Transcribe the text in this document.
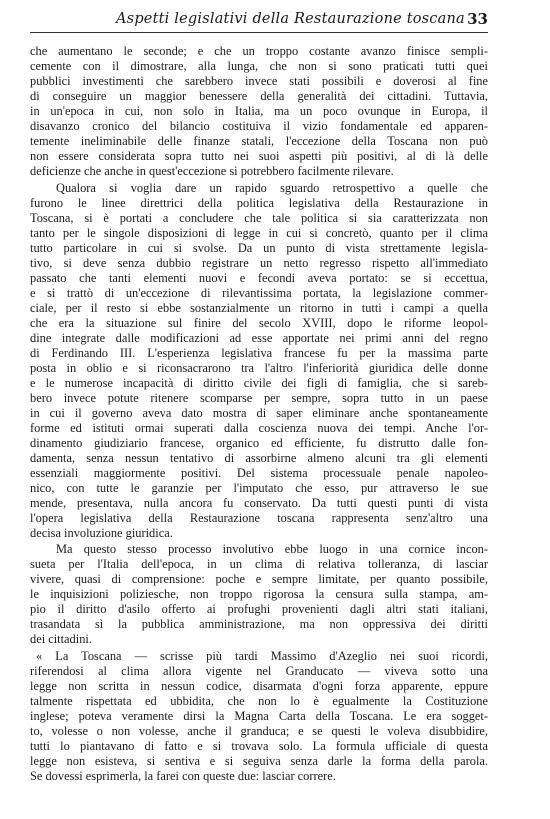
Aspetti legislativi della Restaurazione toscana 33
che aumentano le seconde; e che un troppo costante avanzo finisce sempli-
cemente con il dimostrare, alla lunga, che non si sono praticati tutti quei
pubblici investimenti che sarebbero invece stati possibili e doverosi al fine
di conseguire un maggior benessere della generalità dei cittadini. Tuttavia,
in un'epoca in cui, non solo in Italia, ma un poco ovunque in Europa, il
disavanzo cronico del bilancio costituiva il vizio fondamentale ed apparen-
temente ineliminabile delle finanze statali, l'eccezione della Toscana non può
non essere considerata sopra tutto nei suoi aspetti più positivi, al di là delle
deficienze che anche in quest'eccezione si potrebbero facilmente rilevare.
Qualora si voglia dare un rapido sguardo retrospettivo a quelle che
furono le linee direttrici della politica legislativa della Restaurazione in
Toscana, si è portati a concludere che tale politica si sia caratterizzata non
tanto per le singole disposizioni di legge in cui si concretò, quanto per il clima
tutto particolare in cui si svolse. Da un punto di vista strettamente legisla-
tivo, si deve senza dubbio registrare un netto regresso rispetto all'immediato
passato che tanti elementi nuovi e fecondi aveva portato: se si eccettua,
e si trattò di un'eccezione di rilevantissima portata, la legislazione commer-
ciale, per il resto si ebbe sostanzialmente un ritorno in tutti i campi a quella
che era la situazione sul finire del secolo XVIII, dopo le riforme leopol-
dine integrate dalle modificazioni ad esse apportate nei primi anni del regno
di Ferdinando III. L'esperienza legislativa francese fu per la massima parte
posta in oblio e si riconsacrarono tra l'altro l'inferiorità giuridica delle donne
e le numerose incapacità di diritto civile dei figli di famiglia, che si sareb-
bero invece potute ritenere scomparse per sempre, sopra tutto in un paese
in cui il governo aveva dato mostra di saper eliminare anche spontaneamente
forme ed istituti ormai superati dalla coscienza nuova dei tempi. Anche l'or-
dinamento giudiziario francese, organico ed efficiente, fu distrutto dalle fon-
damenta, senza nessun tentativo di assorbirne almeno alcuni tra gli elementi
essenziali maggiormente positivi. Del sistema processuale penale napoleo-
nico, con tutte le garanzie per l'imputato che esso, pur attraverso le sue
mende, presentava, nulla ancora fu conservato. Da tutti questi punti di vista
l'opera legislativa della Restaurazione toscana rappresenta senz'altro una
decisa involuzione giuridica.
Ma questo stesso processo involutivo ebbe luogo in una cornice incon-
sueta per l'Italia dell'epoca, in un clima di relativa tolleranza, di lasciar
vivere, quasi di comprensione: poche e sempre limitate, per quanto possibile,
le inquisizioni poliziesche, non troppo rigorosa la censura sulla stampa, am-
pio il diritto d'asilo offerto ai profughi provenienti dagli altri stati italiani,
trasandata sì la pubblica amministrazione, ma non oppressiva dei diritti
dei cittadini.
« La Toscana — scrisse più tardi Massimo d'Azeglio nei suoi ricordi,
riferendosi al clima allora vigente nel Granducato — viveva sotto una
legge non scritta in nessun codice, disarmata d'ogni forza apparente, eppure
talmente rispettata ed ubbidita, che non lo è egualmente la Costituzione
inglese; poteva veramente dirsi la Magna Carta della Toscana. Le era sogget-
to, volesse o non volesse, anche il granduca; e se questi le voleva disubbidire,
tutti lo piantavano di fatto e si trovava solo. La formula ufficiale di questa
legge non esisteva, si sentiva e si seguiva senza darle la forma della parola.
Se dovessi esprimerla, la farei con queste due: lasciar correre.
